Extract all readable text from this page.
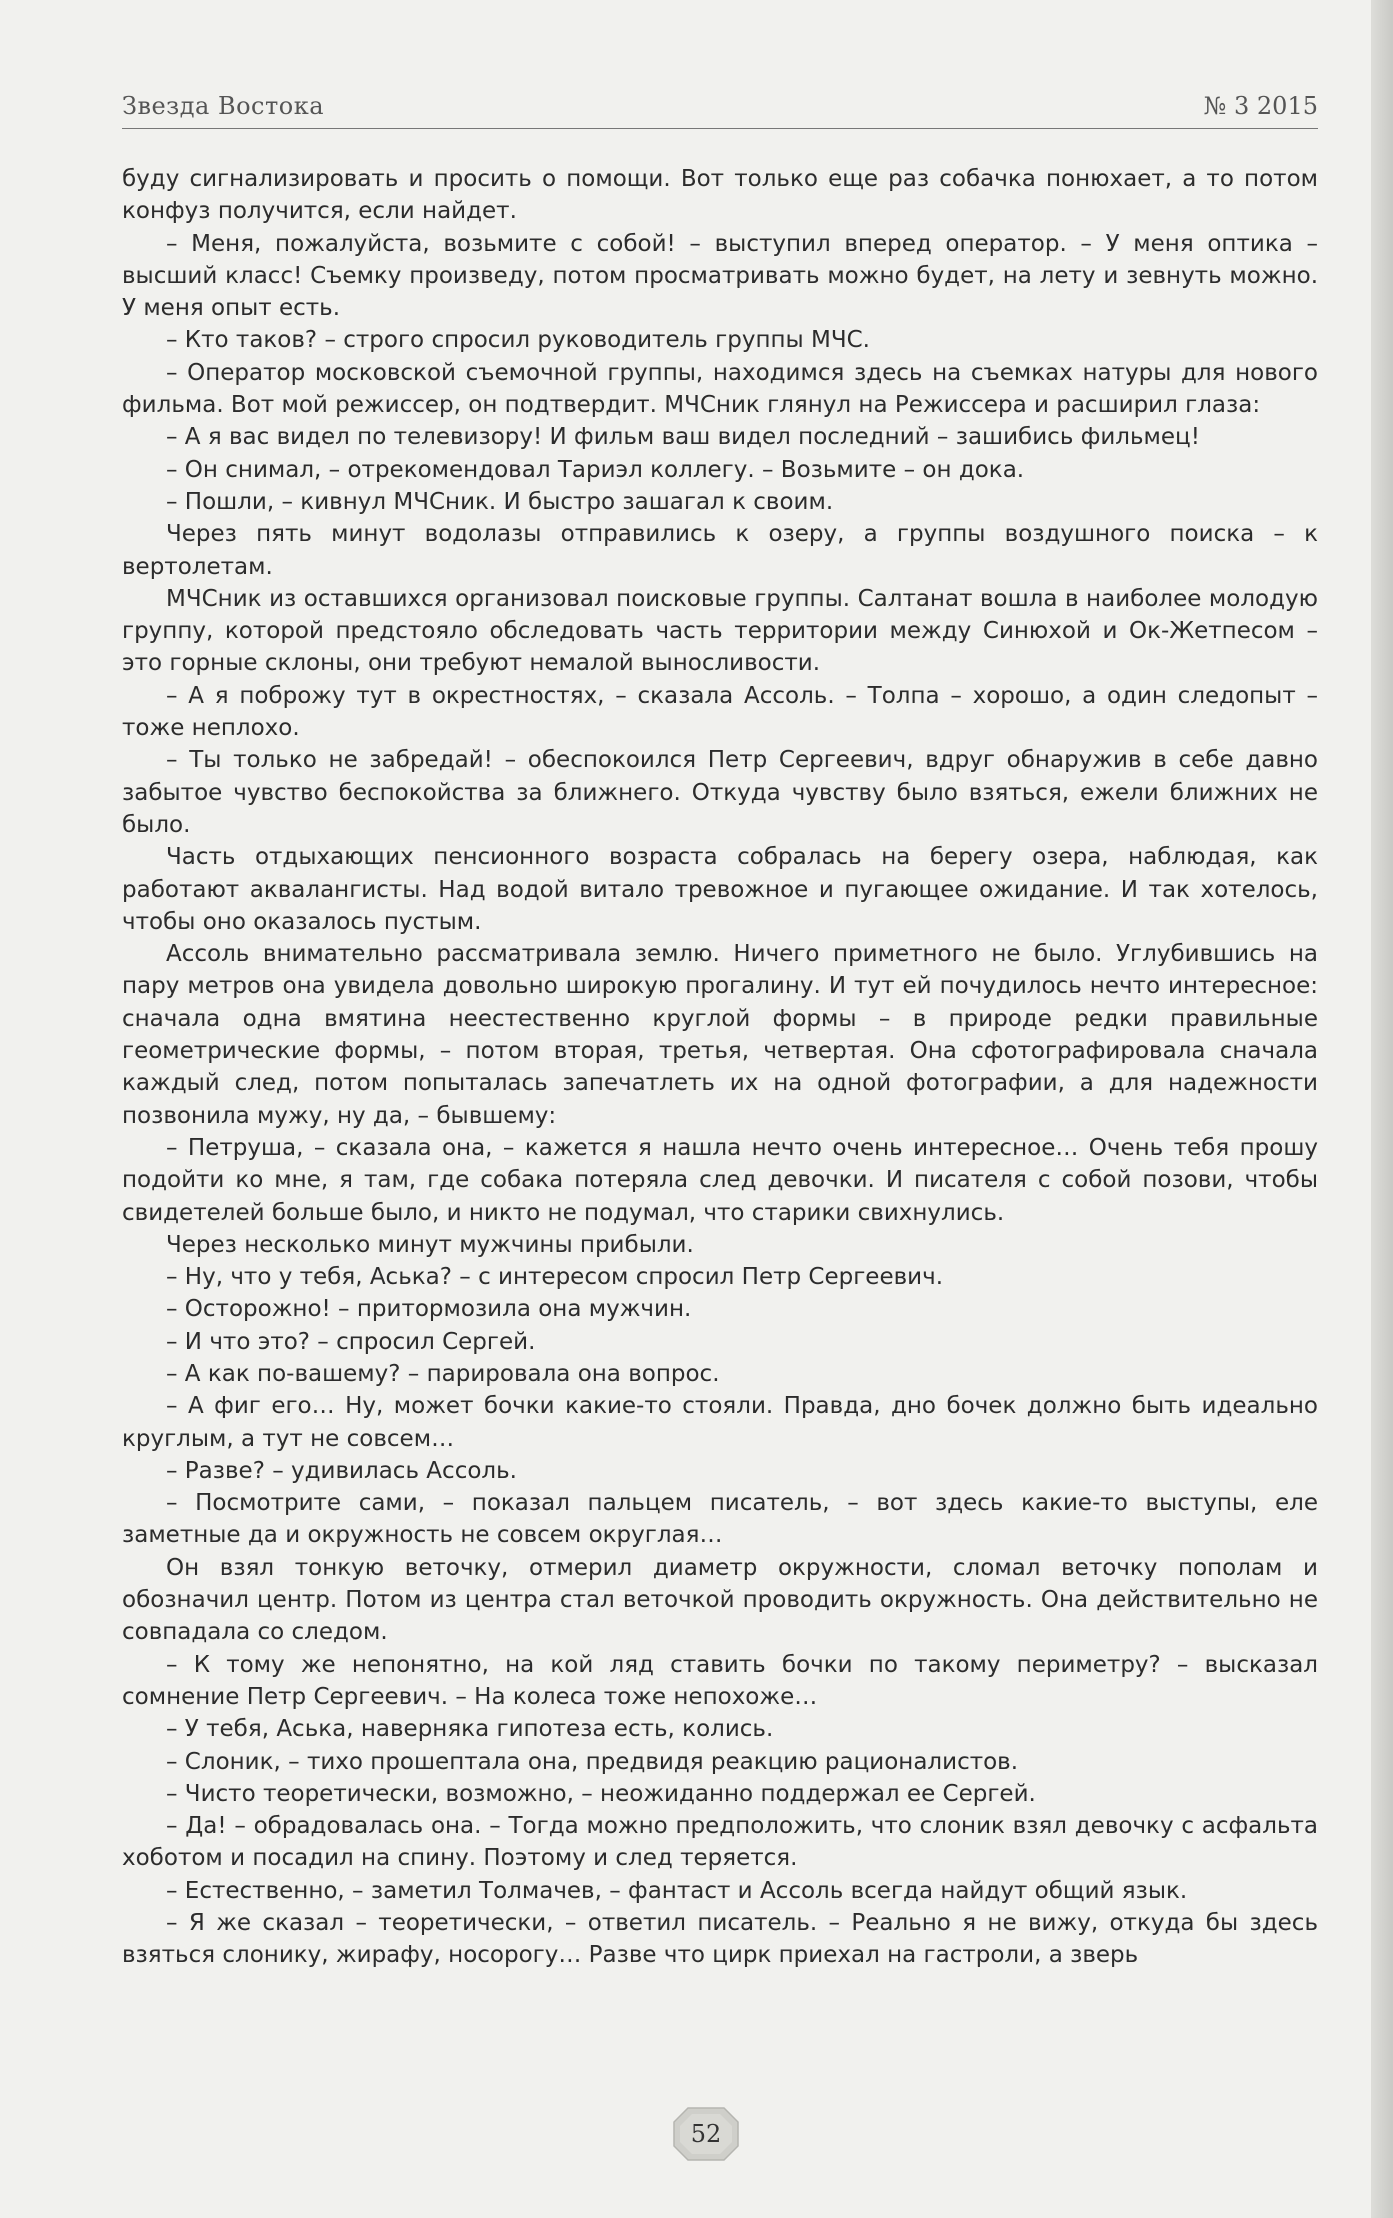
Звезда Востока	№ 3 2015

буду сигнализировать и просить о помощи. Вот только еще раз собачка понюхает, а то потом конфуз получится, если найдет.

– Меня, пожалуйста, возьмите с собой! – выступил вперед оператор. – У меня оптика – высший класс! Съемку произведу, потом просматривать можно будет, на лету и зевнуть можно. У меня опыт есть.

– Кто таков? – строго спросил руководитель группы МЧС.

– Оператор московской съемочной группы, находимся здесь на съемках натуры для нового фильма. Вот мой режиссер, он подтвердит. МЧСник глянул на Режиссера и расширил глаза:

– А я вас видел по телевизору! И фильм ваш видел последний – зашибись фильмец!

– Он снимал, – отрекомендовал Тариэл коллегу. – Возьмите – он дока.

– Пошли, – кивнул МЧСник. И быстро зашагал к своим.

Через пять минут водолазы отправились к озеру, а группы воздушного поиска – к вертолетам.

МЧСник из оставшихся организовал поисковые группы. Салтанат вошла в наиболее молодую группу, которой предстояло обследовать часть территории между Синюхой и Ок-Жетпесом – это горные склоны, они требуют немалой выносливости.

– А я поброжу тут в окрестностях, – сказала Ассоль. – Толпа – хорошо, а один следопыт – тоже неплохо.

– Ты только не забредай! – обеспокоился Петр Сергеевич, вдруг обнаружив в себе давно забытое чувство беспокойства за ближнего. Откуда чувству было взяться, ежели ближних не было.

Часть отдыхающих пенсионного возраста собралась на берегу озера, наблюдая, как работают аквалангисты. Над водой витало тревожное и пугающее ожидание. И так хотелось, чтобы оно оказалось пустым.

Ассоль внимательно рассматривала землю. Ничего приметного не было. Углубившись на пару метров она увидела довольно широкую прогалину. И тут ей почудилось нечто интересное: сначала одна вмятина неестественно круглой формы – в природе редки правильные геометрические формы, – потом вторая, третья, четвертая. Она сфотографировала сначала каждый след, потом попыталась запечатлеть их на одной фотографии, а для надежности позвонила мужу, ну да, – бывшему:

– Петруша, – сказала она, – кажется я нашла нечто очень интересное… Очень тебя прошу подойти ко мне, я там, где собака потеряла след девочки. И писателя с собой позови, чтобы свидетелей больше было, и никто не подумал, что старики свихнулись.

Через несколько минут мужчины прибыли.

– Ну, что у тебя, Аська? – с интересом спросил Петр Сергеевич.

– Осторожно! – притормозила она мужчин.

– И что это? – спросил Сергей.

– А как по-вашему? – парировала она вопрос.

– А фиг его… Ну, может бочки какие-то стояли. Правда, дно бочек должно быть идеально круглым, а тут не совсем…

– Разве? – удивилась Ассоль.

– Посмотрите сами, – показал пальцем писатель, – вот здесь какие-то выступы, еле заметные да и окружность не совсем округлая…

Он взял тонкую веточку, отмерил диаметр окружности, сломал веточку пополам и обозначил центр. Потом из центра стал веточкой проводить окружность. Она действительно не совпадала со следом.

– К тому же непонятно, на кой ляд ставить бочки по такому периметру? – высказал сомнение Петр Сергеевич. – На колеса тоже непохоже…

– У тебя, Аська, наверняка гипотеза есть, колись.

– Слоник, – тихо прошептала она, предвидя реакцию рационалистов.

– Чисто теоретически, возможно, – неожиданно поддержал ее Сергей.

– Да! – обрадовалась она. – Тогда можно предположить, что слоник взял девочку с асфальта хоботом и посадил на спину. Поэтому и след теряется.

– Естественно, – заметил Толмачев, – фантаст и Ассоль всегда найдут общий язык.

– Я же сказал – теоретически, – ответил писатель. – Реально я не вижу, откуда бы здесь взяться слонику, жирафу, носорогу… Разве что цирк приехал на гастроли, а зверь

52
